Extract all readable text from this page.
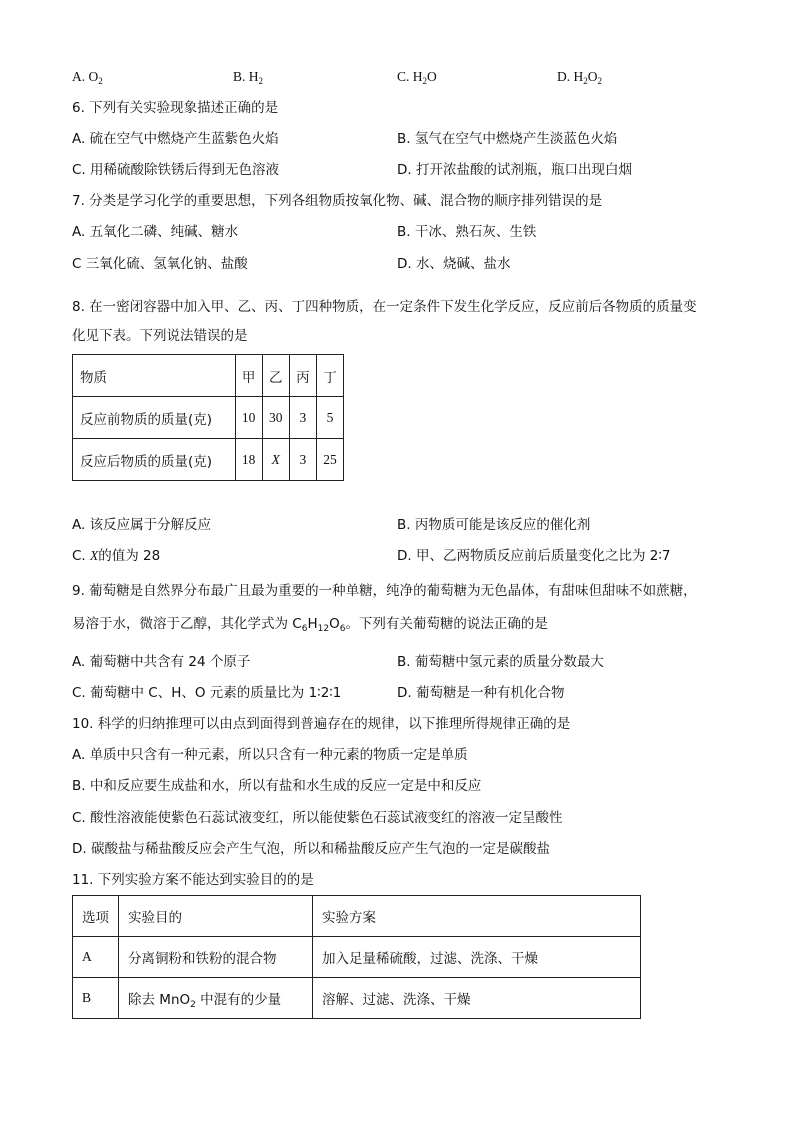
A. $O_2$	B. $H_2$	C. $H_2O$	D. $H_2O_2$
6. 下列有关实验现象描述正确的是
A. 硫在空气中燃烧产生蓝紫色火焰	B. 氢气在空气中燃烧产生淡蓝色火焰
C. 用稀硫酸除铁锈后得到无色溶液	D. 打开浓盐酸的试剂瓶，瓶口出现白烟
7. 分类是学习化学的重要思想，下列各组物质按氧化物、碱、混合物的顺序排列错误的是
A. 五氧化二磷、纯碱、糖水	B. 干冰、熟石灰、生铁
C 三氧化硫、氢氧化钠、盐酸	D. 水、烧碱、盐水
8. 在一密闭容器中加入甲、乙、丙、丁四种物质，在一定条件下发生化学反应，反应前后各物质的质量变
化见下表。下列说法错误的是
物质	甲	乙	丙	丁
反应前物质的质量(克)	10	30	3	5
反应后物质的质量(克)	18	X	3	25
A. 该反应属于分解反应	B. 丙物质可能是该反应的催化剂
C. X的值为 28	D. 甲、乙两物质反应前后质量变化之比为 2∶7
9. 葡萄糖是自然界分布最广且最为重要的一种单糖，纯净的葡萄糖为无色晶体，有甜味但甜味不如蔗糖，
易溶于水，微溶于乙醇，其化学式为 $C_6H_{12}O_6$。下列有关葡萄糖的说法正确的是
A. 葡萄糖中共含有 24 个原子	B. 葡萄糖中氢元素的质量分数最大
C. 葡萄糖中 C、H、O 元素的质量比为 1∶2∶1	D. 葡萄糖是一种有机化合物
10. 科学的归纳推理可以由点到面得到普遍存在的规律，以下推理所得规律正确的是
A. 单质中只含有一种元素，所以只含有一种元素的物质一定是单质
B. 中和反应要生成盐和水，所以有盐和水生成的反应一定是中和反应
C. 酸性溶液能使紫色石蕊试液变红，所以能使紫色石蕊试液变红的溶液一定呈酸性
D. 碳酸盐与稀盐酸反应会产生气泡，所以和稀盐酸反应产生气泡的一定是碳酸盐
11. 下列实验方案不能达到实验目的的是
选项	实验目的	实验方案
A	分离铜粉和铁粉的混合物	加入足量稀硫酸，过滤、洗涤、干燥
B	除去 MnO$_2$ 中混有的少量	溶解、过滤、洗涤、干燥
